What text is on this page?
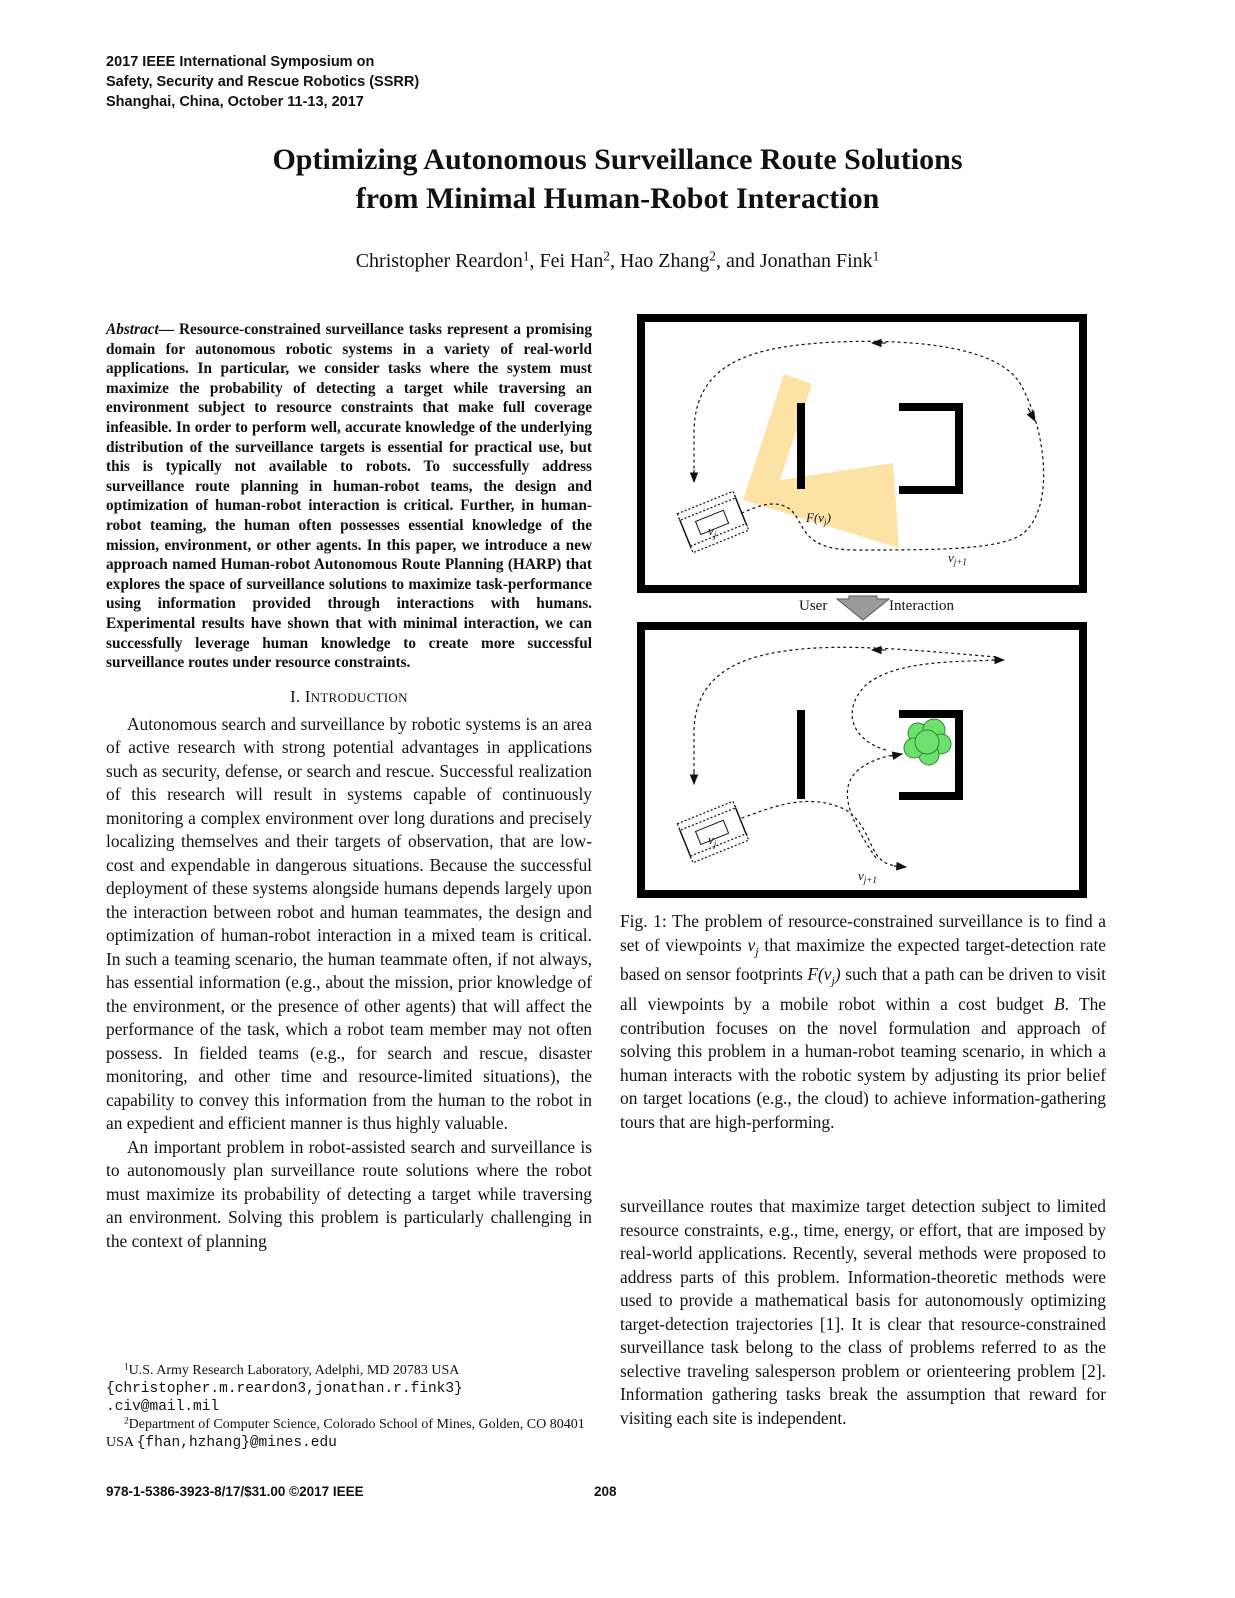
2017 IEEE International Symposium on
Safety, Security and Rescue Robotics (SSRR)
Shanghai, China, October 11-13, 2017
Optimizing Autonomous Surveillance Route Solutions
from Minimal Human-Robot Interaction
Christopher Reardon$^1$, Fei Han$^2$, Hao Zhang$^2$, and Jonathan Fink$^1$
Abstract— Resource-constrained surveillance tasks represent a promising domain for autonomous robotic systems in a variety of real-world applications. In particular, we consider tasks where the system must maximize the probability of detecting a target while traversing an environment subject to resource constraints that make full coverage infeasible. In order to perform well, accurate knowledge of the underlying distribution of the surveillance targets is essential for practical use, but this is typically not available to robots. To successfully address surveillance route planning in human-robot teams, the design and optimization of human-robot interaction is critical. Further, in human-robot teaming, the human often possesses essential knowledge of the mission, environment, or other agents. In this paper, we introduce a new approach named Human-robot Autonomous Route Planning (HARP) that explores the space of surveillance solutions to maximize task-performance using information provided through interactions with humans. Experimental results have shown that with minimal interaction, we can successfully leverage human knowledge to create more successful surveillance routes under resource constraints.
I. INTRODUCTION

Autonomous search and surveillance by robotic systems is an area of active research with strong potential advantages in applications such as security, defense, or search and rescue. Successful realization of this research will result in systems capable of continuously monitoring a complex environment over long durations and precisely localizing themselves and their targets of observation, that are low-cost and expendable in dangerous situations. Because the successful deployment of these systems alongside humans depends largely upon the interaction between robot and human teammates, the design and optimization of human-robot interaction in a mixed team is critical. In such a teaming scenario, the human teammate often, if not always, has essential information (e.g., about the mission, prior knowledge of the environment, or the presence of other agents) that will affect the performance of the task, which a robot team member may not often possess. In fielded teams (e.g., for search and rescue, disaster monitoring, and other time and resource-limited situations), the capability to convey this information from the human to the robot in an expedient and efficient manner is thus highly valuable.

An important problem in robot-assisted search and surveillance is to autonomously plan surveillance route solutions where the robot must maximize its probability of detecting a target while traversing an environment. Solving this problem is particularly challenging in the context of planning

$^1$U.S. Army Research Laboratory, Adelphi, MD 20783 USA

{christopher.m.reardon3,jonathan.r.fink3}
.civ@mail.mil

$^2$Department of Computer Science, Colorado School of Mines, Golden, CO 80401 USA {fhan,hzhang}@mines.edu

$v_j$
$F(v_j)$
$v_{j+1}$
User	Interaction
$v_j$
$v_{j+1}$
Fig. 1: The problem of resource-constrained surveillance is to find a set of viewpoints $v_j$ that maximize the expected target-detection rate based on sensor footprints $F(v_j)$ such that a path can be driven to visit all viewpoints by a mobile robot within a cost budget B. The contribution focuses on the novel formulation and approach of solving this problem in a human-robot teaming scenario, in which a human interacts with the robotic system by adjusting its prior belief on target locations (e.g., the cloud) to achieve information-gathering tours that are high-performing.
surveillance routes that maximize target detection subject to limited resource constraints, e.g., time, energy, or effort, that are imposed by real-world applications. Recently, several methods were proposed to address parts of this problem. Information-theoretic methods were used to provide a mathematical basis for autonomously optimizing target-detection trajectories [1]. It is clear that resource-constrained surveillance task belong to the class of problems referred to as the selective traveling salesperson problem or orienteering problem [2]. Information gathering tasks break the assumption that reward for visiting each site is independent.
978-1-5386-3923-8/17/$31.00 ©2017 IEEE	208
